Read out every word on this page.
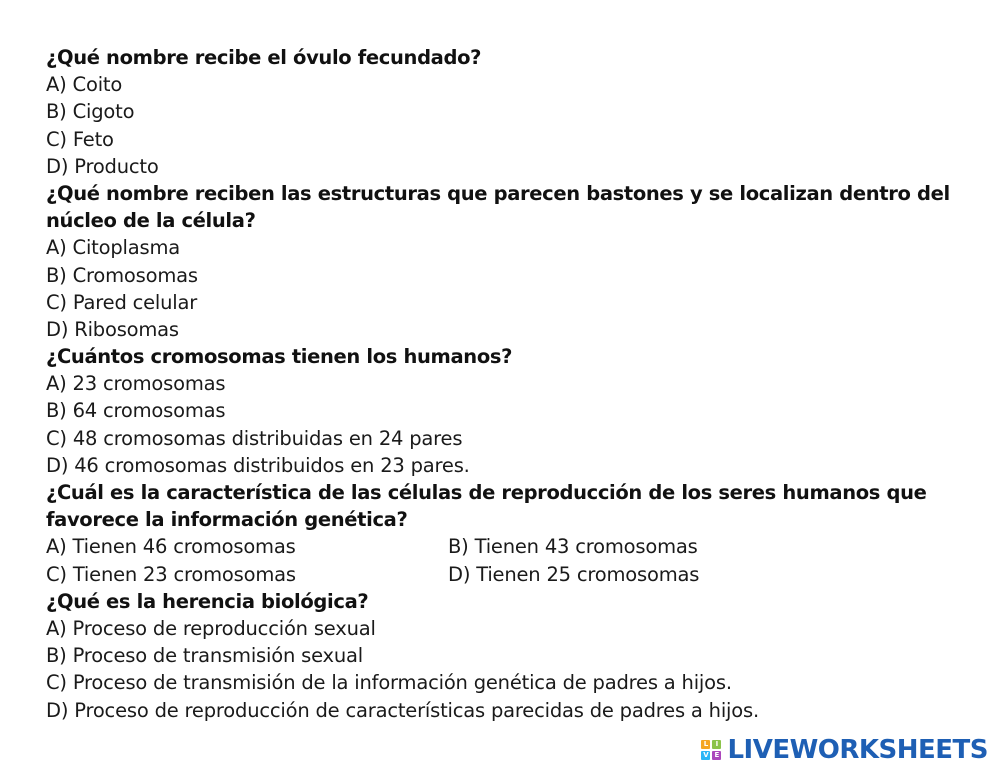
¿Qué nombre recibe el óvulo fecundado?
A) Coito
B) Cigoto
C) Feto
D) Producto
¿Qué nombre reciben las estructuras que parecen bastones y se localizan dentro del núcleo de la célula?
A) Citoplasma
B) Cromosomas
C) Pared celular
D) Ribosomas
¿Cuántos cromosomas tienen los humanos?
A) 23 cromosomas
B) 64 cromosomas
C) 48 cromosomas distribuidas en 24 pares
D) 46 cromosomas distribuidos en 23 pares.
¿Cuál es la característica de las células de reproducción de los seres humanos que favorece la información genética?
A) Tienen 46 cromosomas	B) Tienen 43 cromosomas
C) Tienen 23 cromosomas	D) Tienen 25 cromosomas
¿Qué es la herencia biológica?
A) Proceso de reproducción sexual
B) Proceso de transmisión sexual
C) Proceso de transmisión de la información genética de padres a hijos.
D) Proceso de reproducción de características parecidas de padres a hijos.
L	I
V E LIVEWORKSHEETS
